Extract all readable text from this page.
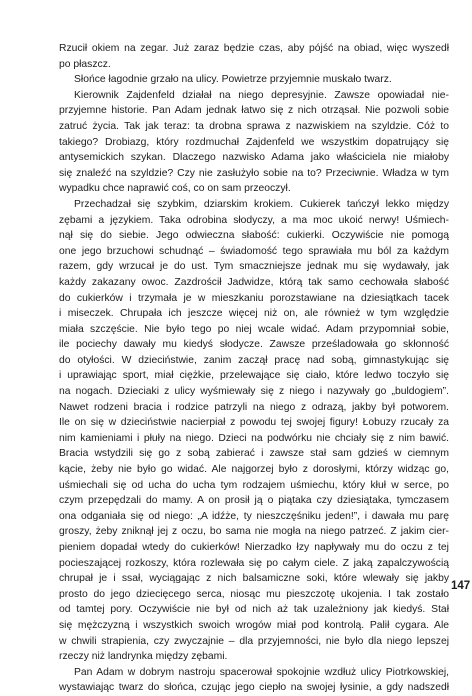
Rzucił okiem na zegar. Już zaraz będzie czas, aby pójść na obiad, więc wyszedł
po płaszcz.
Słońce łagodnie grzało na ulicy. Powietrze przyjemnie muskało twarz.
Kierownik Zajdenfeld działał na niego depresyjnie. Zawsze opowiadał nie-
przyjemne historie. Pan Adam jednak łatwo się z nich otrząsał. Nie pozwoli sobie
zatruć życia. Tak jak teraz: ta drobna sprawa z nazwiskiem na szyldzie. Cóż to
takiego? Drobiazg, który rozdmuchał Zajdenfeld we wszystkim dopatrujący się
antysemickich szykan. Dlaczego nazwisko Adama jako właściciela nie miałoby
się znaleźć na szyldzie? Czy nie zasłużyło sobie na to? Przeciwnie. Władza w tym
wypadku chce naprawić coś, co on sam przeoczył.
Przechadzał się szybkim, dziarskim krokiem. Cukierek tańczył lekko między
zębami a językiem. Taka odrobina słodyczy, a ma moc ukoić nerwy! Uśmiech-
nął się do siebie. Jego odwieczna słabość: cukierki. Oczywiście nie pomogą
one jego brzuchowi schudnąć – świadomość tego sprawiała mu ból za każdym
razem, gdy wrzucał je do ust. Tym smaczniejsze jednak mu się wydawały, jak
każdy zakazany owoc. Zazdrościł Jadwidze, którą tak samo cechowała słabość
do cukierków i trzymała je w mieszkaniu porozstawiane na dziesiątkach tacek
i miseczek. Chrupała ich jeszcze więcej niż on, ale również w tym względzie
miała szczęście. Nie było tego po niej wcale widać. Adam przypomniał sobie,
ile pociechy dawały mu kiedyś słodycze. Zawsze prześladowała go skłonność
do otyłości. W dzieciństwie, zanim zaczął pracę nad sobą, gimnastykując się
i uprawiając sport, miał ciężkie, przelewające się ciało, które ledwo toczyło się
na nogach. Dzieciaki z ulicy wyśmiewały się z niego i nazywały go „buldogiem”.
Nawet rodzeni bracia i rodzice patrzyli na niego z odrazą, jakby był potworem.
Ile on się w dzieciństwie nacierpiał z powodu tej swojej figury! Łobuzy rzucały za
nim kamieniami i płuły na niego. Dzieci na podwórku nie chciały się z nim bawić.
Bracia wstydzili się go z sobą zabierać i zawsze stał sam gdzieś w ciemnym
kącie, żeby nie było go widać. Ale najgorzej było z dorosłymi, którzy widząc go,
uśmiechali się od ucha do ucha tym rodzajem uśmiechu, który kłuł w serce, po
czym przepędzali do mamy. A on prosił ją o piątaka czy dziesiątaka, tymczasem
ona odganiała się od niego: „A idźże, ty nieszczęśniku jeden!”, i dawała mu parę
groszy, żeby zniknął jej z oczu, bo sama nie mogła na niego patrzeć. Z jakim cier-
pieniem dopadał wtedy do cukierków! Nierzadko łzy napływały mu do oczu z tej
pocieszającej rozkoszy, która rozlewała się po całym ciele. Z jaką zapalczywością
chrupał je i ssał, wyciągając z nich balsamiczne soki, które wlewały się jakby
prosto do jego dziecięcego serca, niosąc mu pieszczotę ukojenia. I tak zostało
od tamtej pory. Oczywiście nie był od nich aż tak uzależniony jak kiedyś. Stał
się mężczyzną i wszystkich swoich wrogów miał pod kontrolą. Palił cygara. Ale
w chwili strapienia, czy zwyczajnie – dla przyjemności, nie było dla niego lepszej
rzeczy niż landrynka między zębami.
Pan Adam w dobrym nastroju spacerował spokojnie wzdłuż ulicy Piotrkowskiej,
wystawiając twarz do słońca, czując jego ciepło na swojej łysinie, a gdy nadszedł
147
